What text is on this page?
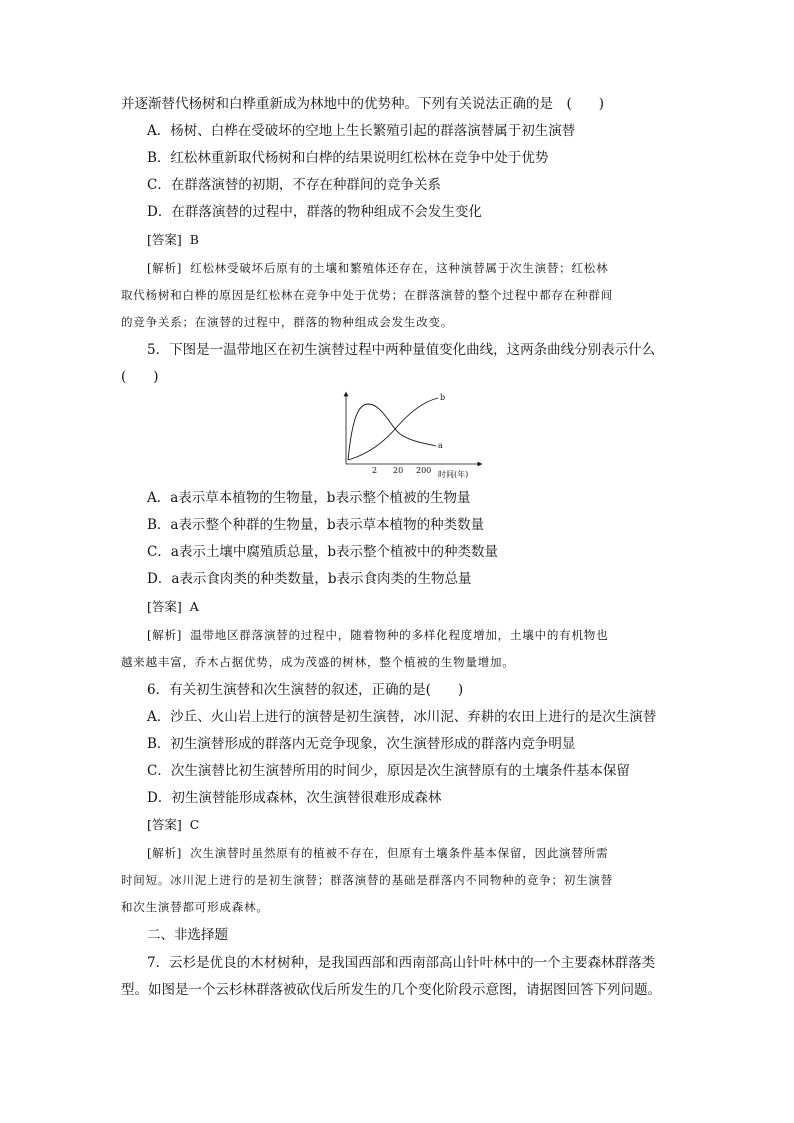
并逐渐替代杨树和白桦重新成为林地中的优势种。下列有关说法正确的是　(　　)
A．杨树、白桦在受破坏的空地上生长繁殖引起的群落演替属于初生演替
B．红松林重新取代杨树和白桦的结果说明红松林在竞争中处于优势
C．在群落演替的初期，不存在种群间的竞争关系
D．在群落演替的过程中，群落的物种组成不会发生变化
[答案] B
[解析] 红松林受破坏后原有的土壤和繁殖体还存在，这种演替属于次生演替；红松林
取代杨树和白桦的原因是红松林在竞争中处于优势；在群落演替的整个过程中都存在种群间
的竞争关系；在演替的过程中，群落的物种组成会发生改变。
5．下图是一温带地区在初生演替过程中两种量值变化曲线，这两条曲线分别表示什么
(　　)
a
b
2 20 200 时间(年)
A．a表示草本植物的生物量，b表示整个植被的生物量
B．a表示整个种群的生物量，b表示草本植物的种类数量
C．a表示土壤中腐殖质总量，b表示整个植被中的种类数量
D．a表示食肉类的种类数量，b表示食肉类的生物总量
[答案] A
[解析] 温带地区群落演替的过程中，随着物种的多样化程度增加，土壤中的有机物也
越来越丰富，乔木占据优势，成为茂盛的树林，整个植被的生物量增加。
6．有关初生演替和次生演替的叙述，正确的是(　　)
A．沙丘、火山岩上进行的演替是初生演替，冰川泥、弃耕的农田上进行的是次生演替
B．初生演替形成的群落内无竞争现象，次生演替形成的群落内竞争明显
C．次生演替比初生演替所用的时间少，原因是次生演替原有的土壤条件基本保留
D．初生演替能形成森林，次生演替很难形成森林
[答案] C
[解析] 次生演替时虽然原有的植被不存在，但原有土壤条件基本保留，因此演替所需
时间短。冰川泥上进行的是初生演替；群落演替的基础是群落内不同物种的竞争；初生演替
和次生演替都可形成森林。
二、非选择题
7．云杉是优良的木材树种，是我国西部和西南部高山针叶林中的一个主要森林群落类
型。如图是一个云杉林群落被砍伐后所发生的几个变化阶段示意图，请据图回答下列问题。
